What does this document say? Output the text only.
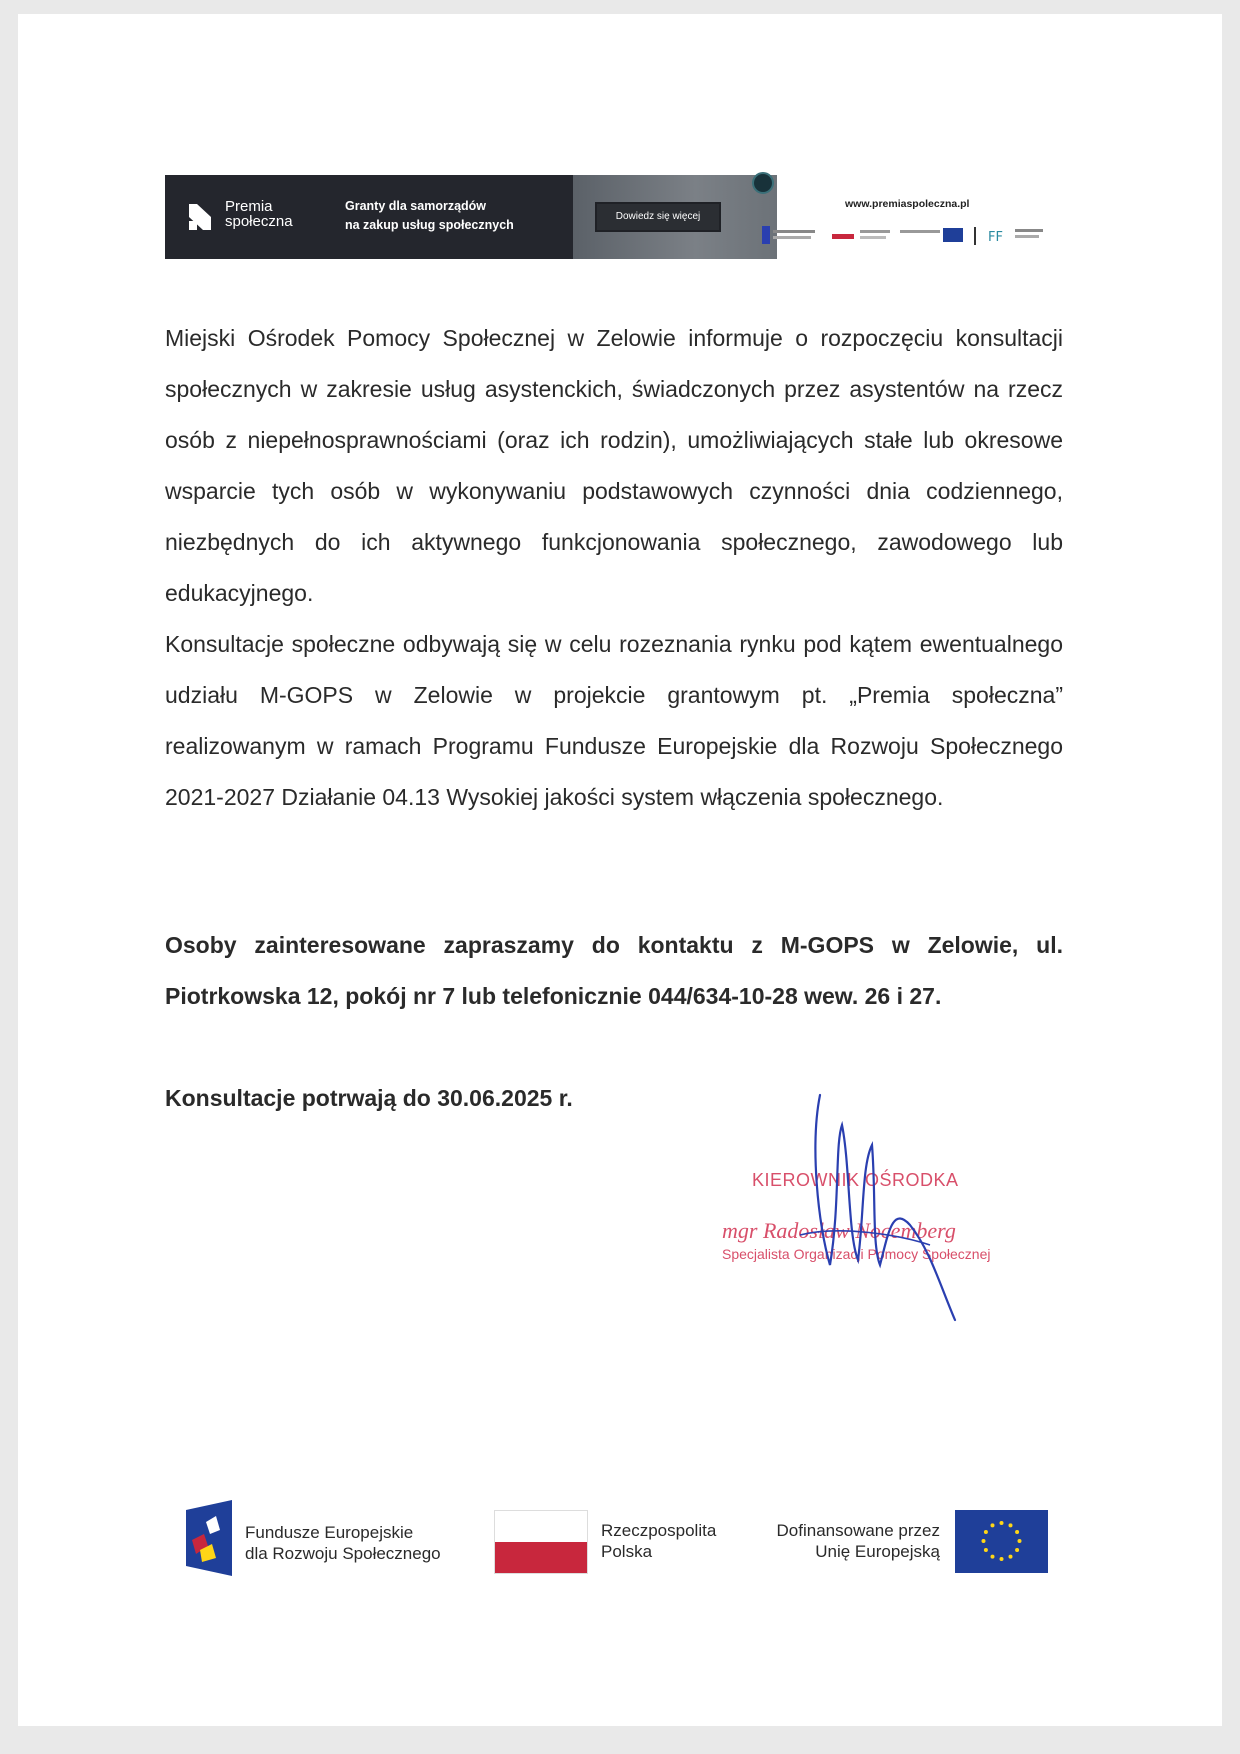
Premia
społeczna
Granty dla samorządów
na zakup usług społecznych
Dowiedz się więcej
www.premiaspoleczna.pl
FF

Miejski Ośrodek Pomocy Społecznej w Zelowie informuje o rozpoczęciu konsultacji społecznych w zakresie usług asystenckich, świadczonych przez asystentów na rzecz osób z niepełnosprawnościami (oraz ich rodzin), umożliwiających stałe lub okresowe wsparcie tych osób w wykonywaniu podstawowych czynności dnia codziennego, niezbędnych do ich aktywnego funkcjonowania społecznego, zawodowego lub edukacyjnego.

Konsultacje społeczne odbywają się w celu rozeznania rynku pod kątem ewentualnego udziału M-GOPS w Zelowie w projekcie grantowym pt. „Premia społeczna” realizowanym w ramach Programu Fundusze Europejskie dla Rozwoju Społecznego 2021-2027 Działanie 04.13 Wysokiej jakości system włączenia społecznego.

Osoby zainteresowane zapraszamy do kontaktu z M-GOPS w Zelowie, ul. Piotrkowska 12, pokój nr 7 lub telefonicznie 044/634-10-28 wew. 26 i 27.

Konsultacje potrwają do 30.06.2025 r.
KIEROWNIK OŚRODKA
mgr Radosław Nocemberg
Specjalista Organizacji Pomocy Społecznej
Fundusze Europejskie
dla Rozwoju Społecznego
Rzeczpospolita
Polska
Dofinansowane przez
Unię Europejską
